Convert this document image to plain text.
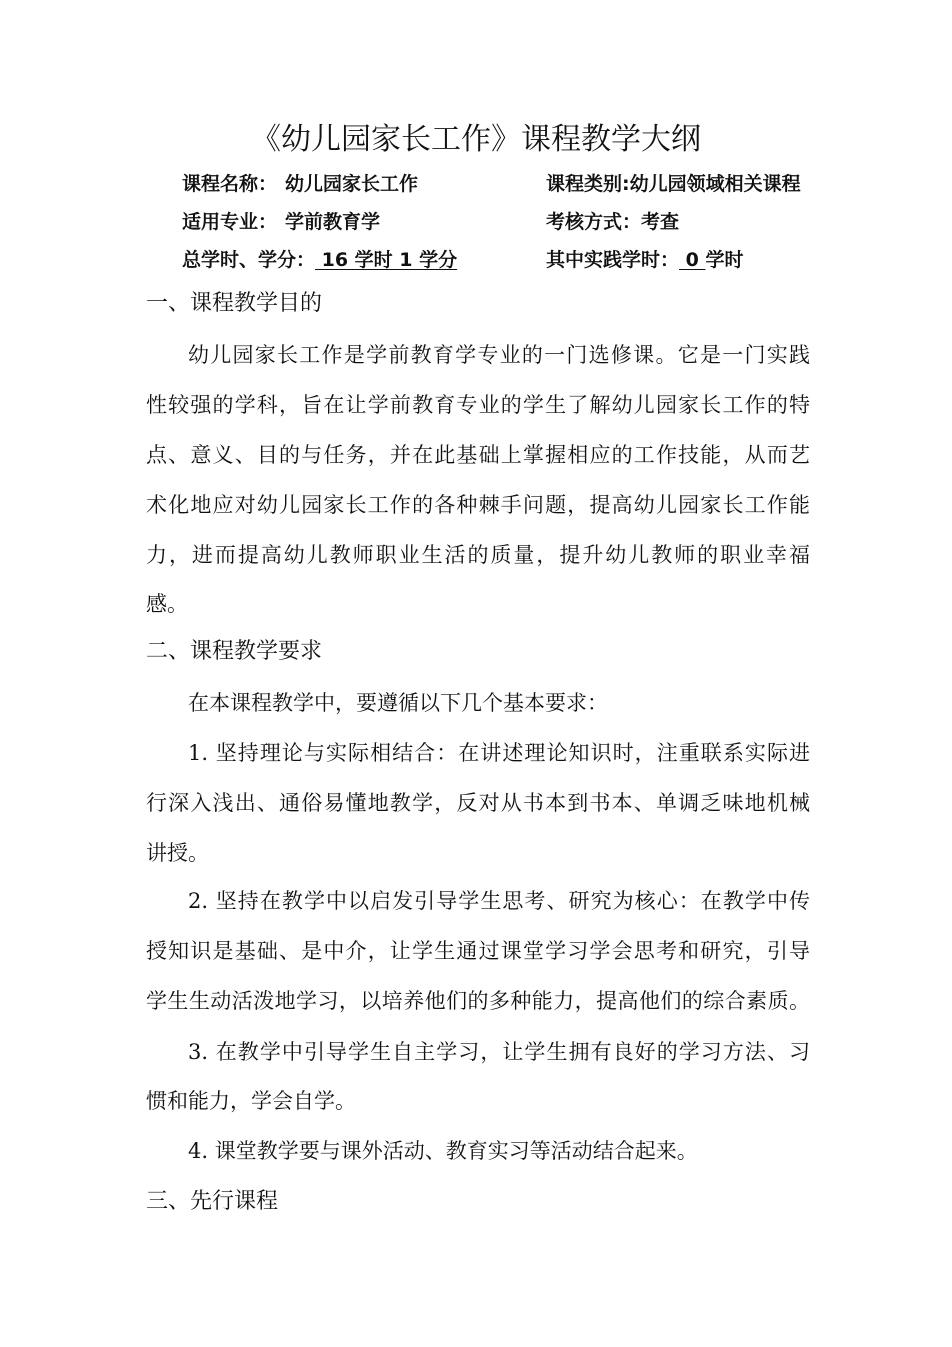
《幼儿园家长工作》课程教学大纲
课程名称： 幼儿园家长工作	课程类别:幼儿园领域相关课程
适用专业： 学前教育学	考核方式：考查
总学时、学分： 16 学时 1 学分	其中实践学时： 0 学时
一、课程教学目的
幼儿园家长工作是学前教育学专业的一门选修课。它是一门实践
性较强的学科，旨在让学前教育专业的学生了解幼儿园家长工作的特
点、意义、目的与任务，并在此基础上掌握相应的工作技能，从而艺
术化地应对幼儿园家长工作的各种棘手问题，提高幼儿园家长工作能
力，进而提高幼儿教师职业生活的质量，提升幼儿教师的职业幸福
感。
二、课程教学要求
在本课程教学中，要遵循以下几个基本要求：
1. 坚持理论与实际相结合：在讲述理论知识时，注重联系实际进
行深入浅出、通俗易懂地教学，反对从书本到书本、单调乏味地机械
讲授。
2. 坚持在教学中以启发引导学生思考、研究为核心：在教学中传
授知识是基础、是中介，让学生通过课堂学习学会思考和研究，引导
学生生动活泼地学习，以培养他们的多种能力，提高他们的综合素质。
3. 在教学中引导学生自主学习，让学生拥有良好的学习方法、习
惯和能力，学会自学。
4. 课堂教学要与课外活动、教育实习等活动结合起来。
三、先行课程
